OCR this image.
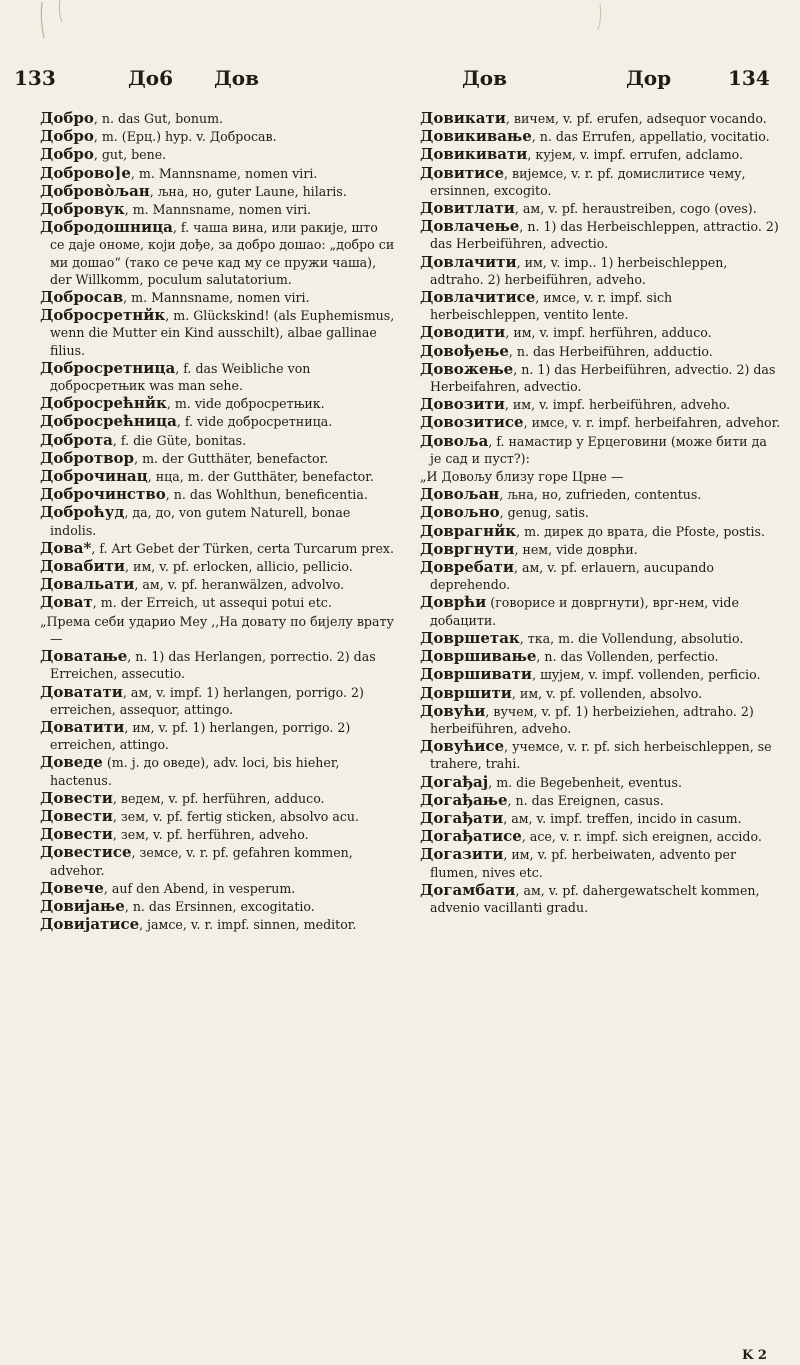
133	До6 Дов	Дов	Дор	134
Добро, n. das Gut, bonum.
Добро, m. (Ерц.) hyp. v. Добросав.
Добро, gut, bene.
Доброво]е, m. Mannsname, nomen viri.
Доброво̀љан, љна, но, guter Laune, hilaris.
Добровук, m. Mannsname, nomen viri.
Добродошница, f. чаша вина, или ракије, што се даје ономе, који дође, за добро дошао: „добро си ми дошао“ (тако се рече кад му се пружи чаша), der Willkomm, poculum salutatorium.
Добросав, m. Mannsname, nomen viri.
Добросретнйк, m. Glückskind! (als Euphemismus, wenn die Mutter ein Kind ausschilt), albae gallinae filius.
Добросретница, f. das Weibliche von доброcретњик was man sehe.
Добросрећнйк, m. vide добросретњик.
Добросрећница, f. vide добросретница.
Доброта, f. die Güte, bonitas.
Добротвор, m. der Gutthäter, benefactor.
Доброчинац, нца, m. der Gutthäter, benefactor.
Доброчинство, n. das Wohlthun, beneficentia.
Доброћуд, да, до, von gutem Naturell, bonae indolis.
Дова*, f. Art Gebet der Türken, certa Turcarum prex.
Довабити, им, v. pf. erlocken, allicio, pellicio.
Довальати, ам, v. pf. heranwälzen, advolvo.
Доват, m. der Erreich, ut assequi potui etc.
„Према себи ударио Меу ,,На довату по бијелу врату —
Доватање, n. 1) das Herlangen, porrectio. 2) das Erreichen, assecutio.
Доватати, ам, v. impf. 1) herlangen, porrigo. 2) erreichen, assequor, attingo.
Доватити, им, v. pf. 1) herlangen, porrigo. 2) erreichen, attingo.
Доведе (m. j. до оведе), adv. loci, bis hieher, hactenus.
Довести, ведем, v. pf. herführen, adduco.
Довести, зем, v. pf. fertig sticken, absolvo acu.
Довести, зем, v. pf. herführen, adveho.
Довестисе, земсе, v. r. pf. gefahren kommen, advehor.
Довече, auf den Abend, in vesperum.
Довијање, n. das Ersinnen, excogitatio.
Довијатисе, јамсе, v. r. impf. sinnen, meditor.
Довикати, вичем, v. pf. erufen, adsequor vocando.
Довикивање, n. das Errufen, appellatio, vocitatio.
Довикивати, кујем, v. impf. errufen, adclamo.
Довитисе, вијемсе, v. r. pf. домислитисе чему, ersinnen, excogito.
Довитлати, ам, v. pf. heraustreiben, cogo (oves).
Довлачење, n. 1) das Herbeischleppen, attractio. 2) das Herbeiführen, advectio.
Довлачити, им, v. imp.. 1) herbeischleppen, adtraho. 2) herbeiführen, adveho.
Довлачитисе, имсе, v. r. impf. sich herbeischleppen, ventito lente.
Доводити, им, v. impf. herführen, adduco.
Довођење, n. das Herbeiführen, adductio.
Довожење, n. 1) das Herbeiführen, advectio. 2) das Herbeifahren, advectio.
Довозити, им, v. impf. herbeiführen, adveho.
Довозитисе, имсе, v. r. impf. herbeifahren, advehor.
Довољa, f. намастир у Ерцеговини (може бити да је сад и пуст?):
„И Довољу близу горе Црне —
Довољан, љна, но, zufrieden, contentus.
Довољно, genug, satis.
Доврагнйк, m. дирек до врата, die Pfoste, postis.
Довргнути, нем, vide доврћи.
Довребати, ам, v. pf. erlauern, aucupando deprehendo.
Доврћи (говорисе и довргнути), врг-нем, vide добацити.
Довршетак, тка, m. die Vollendung, absolutio.
Довршивање, n. das Vollenden, perfectio.
Довршивати, шујем, v. impf. vollenden, perficio.
Довршити, им, v. pf. vollenden, absolvo.
Довући, вучем, v. pf. 1) herbeiziehen, adtraho. 2) herbeiführen, adveho.
Довућисе, учемсе, v. r. pf. sich herbeischleppen, se trahere, trahi.
Догађај, m. die Begebenheit, eventus.
Догађање, n. das Ereignen, casus.
Догађати, ам, v. impf. treffen, incido in casum.
Догађатисе, асе, v. r. impf. sich ereignen, accido.
Догазити, им, v. pf. herbeiwaten, advento per flumen, nives etc.
Догамбати, ам, v. pf. dahergewatschelt kommen, advenio vacillanti gradu.
K 2
